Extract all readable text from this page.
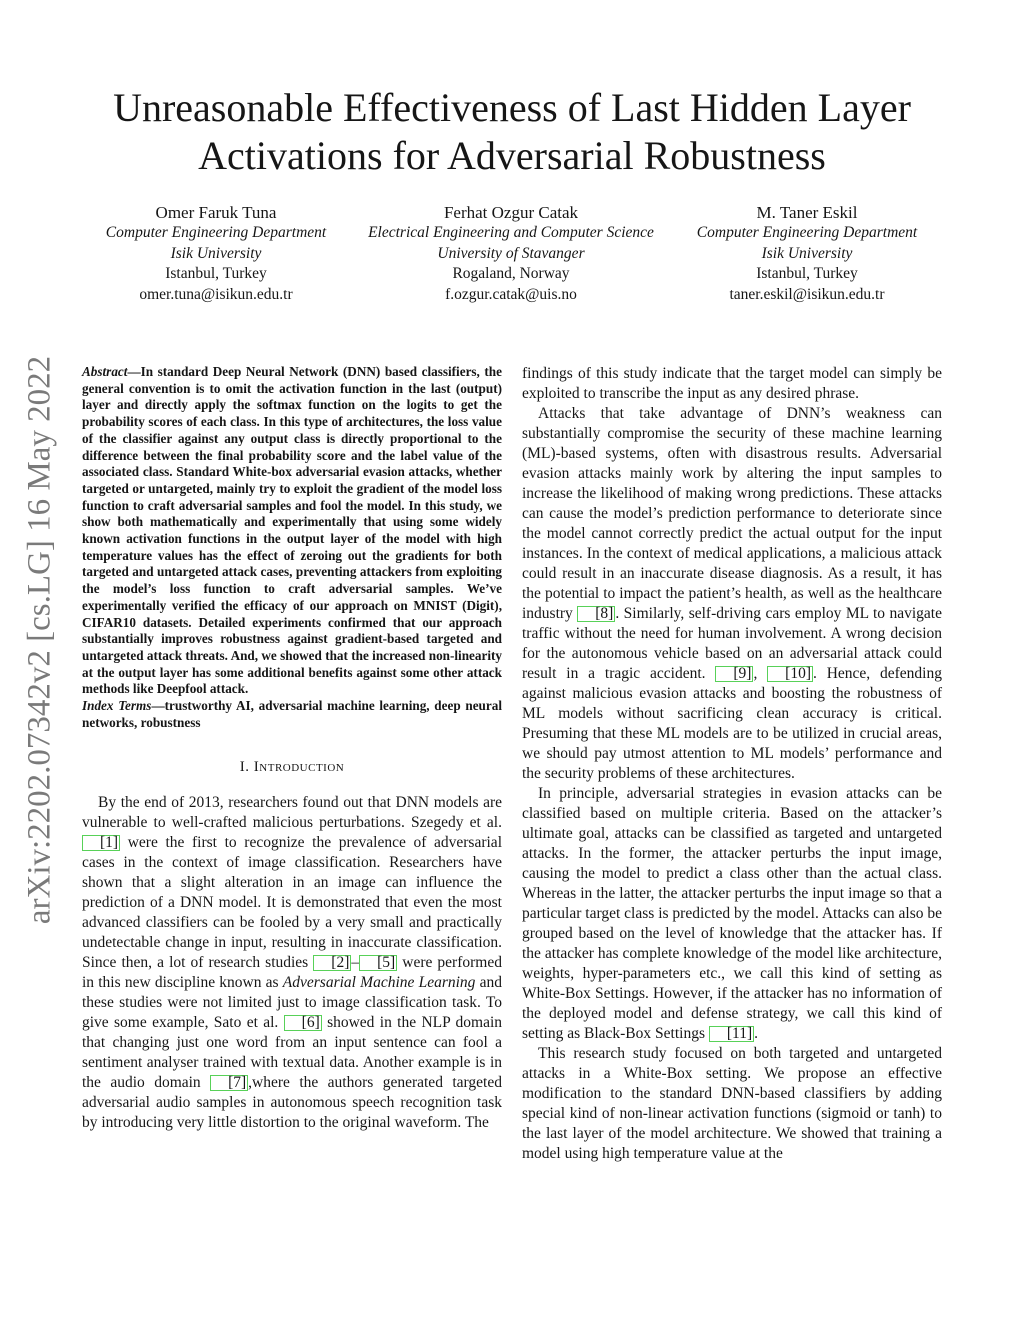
arXiv:2202.07342v2 [cs.LG] 16 May 2022
Unreasonable Effectiveness of Last Hidden Layer
Activations for Adversarial Robustness
Omer Faruk Tuna
Computer Engineering Department
Isik University
Istanbul, Turkey
omer.tuna@isikun.edu.tr
Ferhat Ozgur Catak
Electrical Engineering and Computer Science
University of Stavanger
Rogaland, Norway
f.ozgur.catak@uis.no
M. Taner Eskil
Computer Engineering Department
Isik University
Istanbul, Turkey
taner.eskil@isikun.edu.tr
Abstract—In standard Deep Neural Network (DNN) based classifiers, the general convention is to omit the activation function in the last (output) layer and directly apply the softmax function on the logits to get the probability scores of each class. In this type of architectures, the loss value of the classifier against any output class is directly proportional to the difference between the final probability score and the label value of the associated class. Standard White-box adversarial evasion attacks, whether targeted or untargeted, mainly try to exploit the gradient of the model loss function to craft adversarial samples and fool the model. In this study, we show both mathematically and experimentally that using some widely known activation functions in the output layer of the model with high temperature values has the effect of zeroing out the gradients for both targeted and untargeted attack cases, preventing attackers from exploiting the model’s loss function to craft adversarial samples. We’ve experimentally verified the efficacy of our approach on MNIST (Digit), CIFAR10 datasets. Detailed experiments confirmed that our approach substantially improves robustness against gradient-based targeted and untargeted attack threats. And, we showed that the increased non-linearity at the output layer has some additional benefits against some other attack methods like Deepfool attack.
Index Terms—trustworthy AI, adversarial machine learning, deep neural networks, robustness
I. Introduction

By the end of 2013, researchers found out that DNN models are vulnerable to well-crafted malicious perturbations. Szegedy et al. [1] were the first to recognize the prevalence of adversarial cases in the context of image classification. Researchers have shown that a slight alteration in an image can influence the prediction of a DNN model. It is demonstrated that even the most advanced classifiers can be fooled by a very small and practically undetectable change in input, resulting in inaccurate classification. Since then, a lot of research studies [2] – [5] were performed in this new discipline known as Adversarial Machine Learning and these studies were not limited just to image classification task. To give some example, Sato et al. [6] showed in the NLP domain that changing just one word from an input sentence can fool a sentiment analyser trained with textual data. Another example is in the audio domain [7] ,where the authors generated targeted adversarial audio samples in autonomous speech recognition task by introducing very little distortion to the original waveform. The

findings of this study indicate that the target model can simply be exploited to transcribe the input as any desired phrase.

Attacks that take advantage of DNN’s weakness can substantially compromise the security of these machine learning (ML)-based systems, often with disastrous results. Adversarial evasion attacks mainly work by altering the input samples to increase the likelihood of making wrong predictions. These attacks can cause the model’s prediction performance to deteriorate since the model cannot correctly predict the actual output for the input instances. In the context of medical applications, a malicious attack could result in an inaccurate disease diagnosis. As a result, it has the potential to impact the patient’s health, as well as the healthcare industry [8] . Similarly, self-driving cars employ ML to navigate traffic without the need for human involvement. A wrong decision for the autonomous vehicle based on an adversarial attack could result in a tragic accident. [9] , [10] . Hence, defending against malicious evasion attacks and boosting the robustness of ML models without sacrificing clean accuracy is critical. Presuming that these ML models are to be utilized in crucial areas, we should pay utmost attention to ML models’ performance and the security problems of these architectures.

In principle, adversarial strategies in evasion attacks can be classified based on multiple criteria. Based on the attacker’s ultimate goal, attacks can be classified as targeted and untargeted attacks. In the former, the attacker perturbs the input image, causing the model to predict a class other than the actual class. Whereas in the latter, the attacker perturbs the input image so that a particular target class is predicted by the model. Attacks can also be grouped based on the level of knowledge that the attacker has. If the attacker has complete knowledge of the model like architecture, weights, hyper-parameters etc., we call this kind of setting as White-Box Settings. However, if the attacker has no information of the deployed model and defense strategy, we call this kind of setting as Black-Box Settings [11] .

This research study focused on both targeted and untargeted attacks in a White-Box setting. We propose an effective modification to the standard DNN-based classifiers by adding special kind of non-linear activation functions (sigmoid or tanh) to the last layer of the model architecture. We showed that training a model using high temperature value at the
